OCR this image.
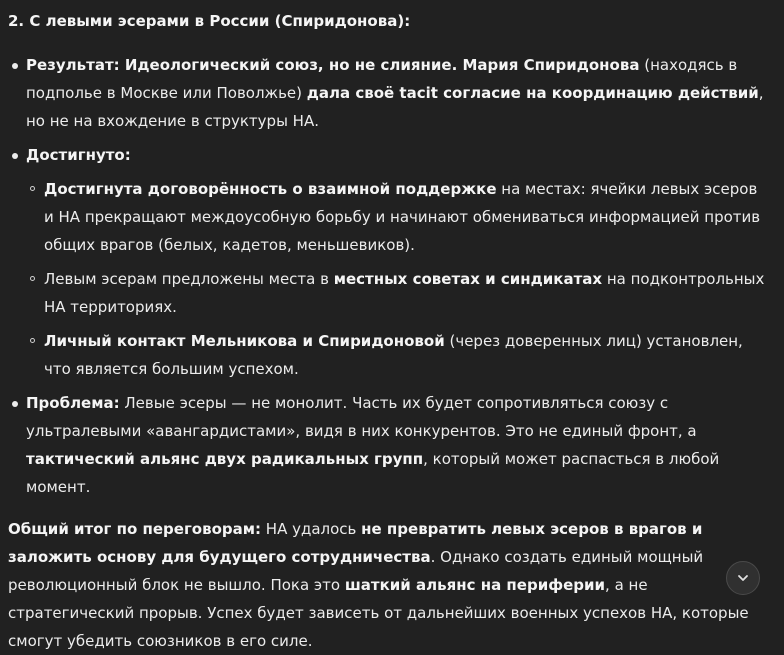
2. С левыми эсерами в России (Спиридонова):
Результат: Идеологический союз, но не слияние. Мария Спиридонова (находясь в подполье в Москве или Поволжье) дала своё tacit согласие на координацию действий, но не на вхождение в структуры НА.
Достигнуто:
Достигнута договорённость о взаимной поддержке на местах: ячейки левых эсеров и НА прекращают междоусобную борьбу и начинают обмениваться информацией против общих врагов (белых, кадетов, меньшевиков).
Левым эсерам предложены места в местных советах и синдикатах на подконтрольных НА территориях.
Личный контакт Мельникова и Спиридоновой (через доверенных лиц) установлен, что является большим успехом.
Проблема: Левые эсеры — не монолит. Часть их будет сопротивляться союзу с ультралевыми «авангардистами», видя в них конкурентов. Это не единый фронт, а тактический альянс двух радикальных групп, который может распасться в любой момент.
Общий итог по переговорам: НА удалось не превратить левых эсеров в врагов и заложить основу для будущего сотрудничества. Однако создать единый мощный революционный блок не вышло. Пока это шаткий альянс на периферии, а не стратегический прорыв. Успех будет зависеть от дальнейших военных успехов НА, которые смогут убедить союзников в его силе.
